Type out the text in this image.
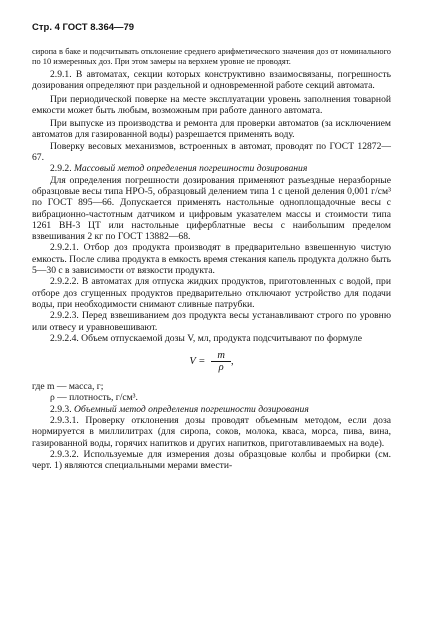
Стр. 4 ГОСТ 8.364—79

сиропа в баке и подсчитывать отклонение среднего арифметического значения доз от номинального по 10 измеренных доз. При этом замеры на верхнем уровне не проводят.

2.9.1. В автоматах, секции которых конструктивно взаимосвязаны, погрешность дозирования определяют при раздельной и одновременной работе секций автомата.

При периодической поверке на месте эксплуатации уровень заполнения товарной емкости может быть любым, возможным при работе данного автомата.

При выпуске из производства и ремонта для проверки автоматов (за исключением автоматов для газированной воды) разрешается применять воду.

Поверку весовых механизмов, встроенных в автомат, проводят по ГОСТ 12872—67.

2.9.2. Массовый метод определения погрешности дозирования

Для определения погрешности дозирования применяют разъездные неразборные образцовые весы типа НРО-5, образцовый делением типа 1 с ценой деления 0,001 г/см³ по ГОСТ 895—66. Допускается применять настольные одноплощадочные весы с вибрационно-частотным датчиком и цифровым указателем массы и стоимости типа 1261 ВН-3 ЦТ или настольные циферблатные весы с наибольшим пределом взвешивания 2 кг по ГОСТ 13882—68.

2.9.2.1. Отбор доз продукта производят в предварительно взвешенную чистую емкость. После слива продукта в емкость время стекания капель продукта должно быть 5—30 с в зависимости от вязкости продукта.

2.9.2.2. В автоматах для отпуска жидких продуктов, приготовленных с водой, при отборе доз сгущенных продуктов предварительно отключают устройство для подачи воды, при необходимости снимают сливные патрубки.

2.9.2.3. Перед взвешиванием доз продукта весы устанавливают строго по уровню или отвесу и уравновешивают.

2.9.2.4. Объем отпускаемой дозы V, мл, продукта подсчитывают по формуле

$V = \frac{m}{\rho}$ ,

где m — масса, г;

ρ — плотность, г/см³.

2.9.3. Объемный метод определения погрешности дозирования

2.9.3.1. Проверку отклонения дозы проводят объемным методом, если доза нормируется в миллилитрах (для сиропа, соков, молока, кваса, морса, пива, вина, газированной воды, горячих напитков и других напитков, приготавливаемых на воде).

2.9.3.2. Используемые для измерения дозы образцовые колбы и пробирки (см. черт. 1) являются специальными мерами вмести-
